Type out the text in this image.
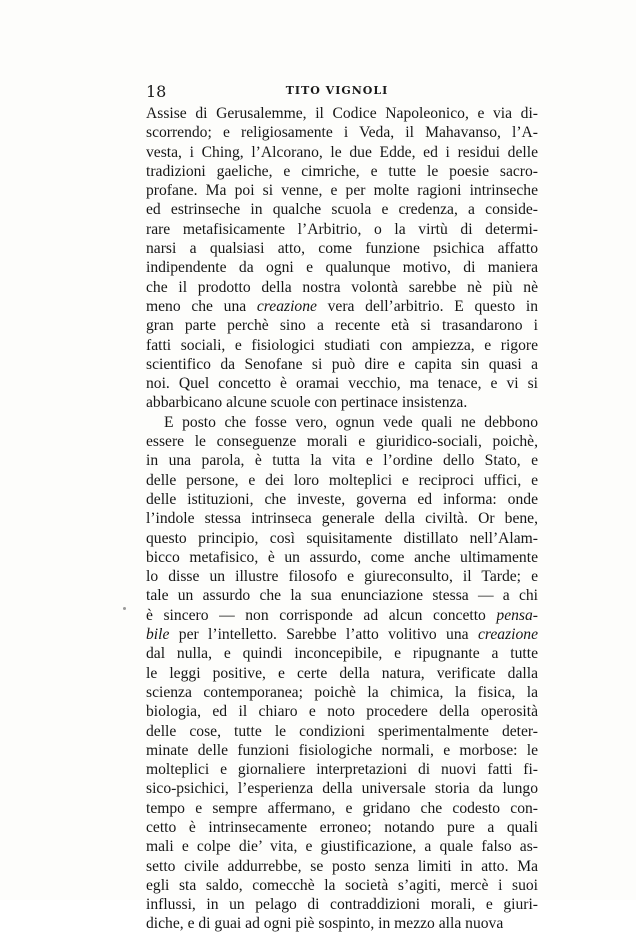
18	TITO VIGNOLI
Assise di Gerusalemme, il Codice Napoleonico, e via di-
scorrendo; e religiosamente i Veda, il Mahavanso, l’A-
vesta, i Ching, l’Alcorano, le due Edde, ed i residui delle
tradizioni gaeliche, e cimriche, e tutte le poesie sacro-
profane. Ma poi si venne, e per molte ragioni intrinseche
ed estrinseche in qualche scuola e credenza, a conside-
rare metafisicamente l’Arbitrio, o la virtù di determi-
narsi a qualsiasi atto, come funzione psichica affatto
indipendente da ogni e qualunque motivo, di maniera
che il prodotto della nostra volontà sarebbe nè più nè
meno che una creazione vera dell’arbitrio. E questo in
gran parte perchè sino a recente età si trasandarono i
fatti sociali, e fisiologici studiati con ampiezza, e rigore
scientifico da Senofane si può dire e capita sin quasi a
noi. Quel concetto è oramai vecchio, ma tenace, e vi si
abbarbicano alcune scuole con pertinace insistenza.
E posto che fosse vero, ognun vede quali ne debbono
essere le conseguenze morali e giuridico-sociali, poichè,
in una parola, è tutta la vita e l’ordine dello Stato, e
delle persone, e dei loro molteplici e reciproci uffici, e
delle istituzioni, che investe, governa ed informa: onde
l’indole stessa intrinseca generale della civiltà. Or bene,
questo principio, così squisitamente distillato nell’Alam-
bicco metafisico, è un assurdo, come anche ultimamente
lo disse un illustre filosofo e giureconsulto, il Tarde; e
tale un assurdo che la sua enunciazione stessa — a chi
è sincero — non corrisponde ad alcun concetto pensa-
bile per l’intelletto. Sarebbe l’atto volitivo una creazione
dal nulla, e quindi inconcepibile, e ripugnante a tutte
le leggi positive, e certe della natura, verificate dalla
scienza contemporanea; poichè la chimica, la fisica, la
biologia, ed il chiaro e noto procedere della operosità
delle cose, tutte le condizioni sperimentalmente deter-
minate delle funzioni fisiologiche normali, e morbose: le
molteplici e giornaliere interpretazioni di nuovi fatti fi-
sico-psichici, l’esperienza della universale storia da lungo
tempo e sempre affermano, e gridano che codesto con-
cetto è intrinsecamente erroneo; notando pure a quali
mali e colpe die’ vita, e giustificazione, a quale falso as-
setto civile addurrebbe, se posto senza limiti in atto. Ma
egli sta saldo, comecchè la società s’agiti, mercè i suoi
influssi, in un pelago di contraddizioni morali, e giuri-
diche, e di guai ad ogni piè sospinto, in mezzo alla nuova
